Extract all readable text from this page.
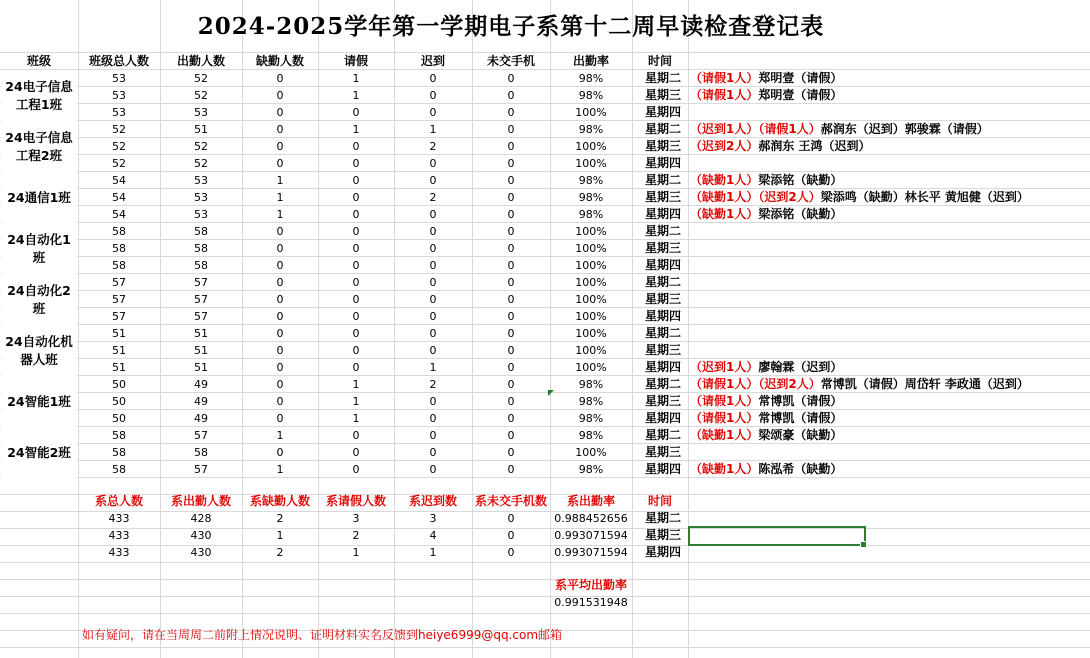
2024-2025学年第一学期电子系第十二周早读检查登记表
班级	班级总人数	出勤人数	缺勤人数	请假	迟到	未交手机	出勤率	时间
24电子信息工程1班
53	52	0	1	0	0	98%	星期二 （请假1人）郑明壹（请假）
53	52	0	1	0	0	98%	星期三 （请假1人）郑明壹（请假）
53	53	0	0	0	0	100%	星期四
24电子信息工程2班
52	51	0	1	1	0	98%	星期二 （迟到1人）（请假1人）郝润东（迟到）郭骏霖（请假）
52	52	0	0	2	0	100%	星期三 （迟到2人）郝润东 王鸿（迟到）
52	52	0	0	0	0	100%	星期四
24通信1班
54	53	1	0	0	0	98%	星期二 （缺勤1人）梁添铭（缺勤）
54	53	1	0	2	0	98%	星期三 （缺勤1人）（迟到2人）梁添鸣（缺勤）林长平 黄旭健（迟到）
54	53	1	0	0	0	98%	星期四 （缺勤1人）梁添铭（缺勤）
24自动化1班
58	58	0	0	0	0	100%	星期二
58	58	0	0	0	0	100%	星期三
58	58	0	0	0	0	100%	星期四
24自动化2班
57	57	0	0	0	0	100%	星期二
57	57	0	0	0	0	100%	星期三
57	57	0	0	0	0	100%	星期四
24自动化机器人班
51	51	0	0	0	0	100%	星期二
51	51	0	0	0	0	100%	星期三
51	51	0	0	1	0	100%	星期四 （迟到1人）廖翰霖（迟到）
24智能1班
50	49	0	1	2	0	98%	星期二 （请假1人）（迟到2人）常博凯（请假）周岱轩 李政通（迟到）
50	49	0	1	0	0	98%	星期三 （请假1人）常博凯（请假）
50	49	0	1	0	0	98%	星期四 （请假1人）常博凯（请假）
24智能2班
58	57	1	0	0	0	98%	星期二 （缺勤1人）梁颂豪（缺勤）
58	58	0	0	0	0	100%	星期三
58	57	1	0	0	0	98%	星期四 （缺勤1人）陈泓希（缺勤）
系总人数	系出勤人数	系缺勤人数	系请假人数	系迟到数	系未交手机数	系出勤率	时间
433	428	2	3	3	0	0.988452656	星期二
433	430	1	2	4	0	0.993071594	星期三
433	430	2	1	1	0	0.993071594	星期四
系平均出勤率
0.991531948
如有疑问，请在当周周二前附上情况说明、证明材料实名反馈到heiye6999@qq.com邮箱
